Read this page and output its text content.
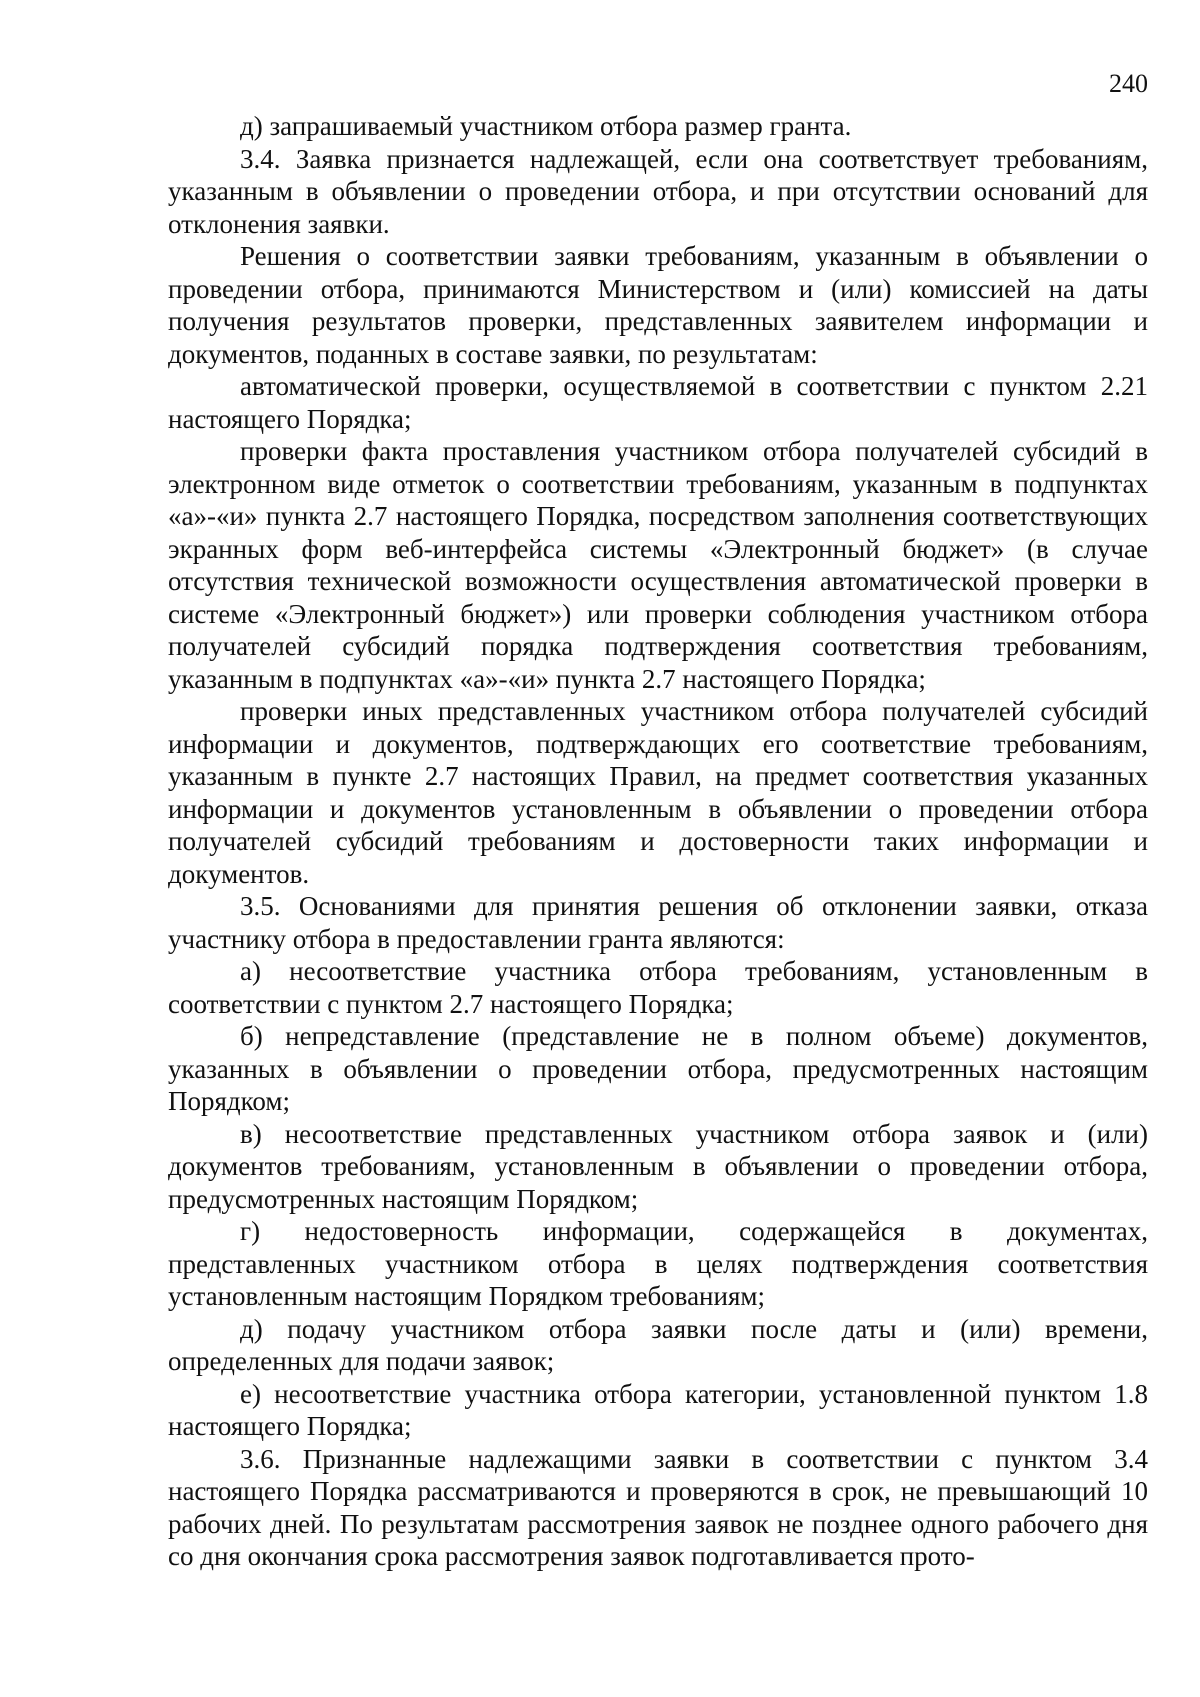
240

д) запрашиваемый участником отбора размер гранта.

3.4. Заявка признается надлежащей, если она соответствует требованиям, указанным в объявлении о проведении отбора, и при отсутствии оснований для отклонения заявки.

Решения о соответствии заявки требованиям, указанным в объявлении о проведении отбора, принимаются Министерством и (или) комиссией на даты получения результатов проверки, представленных заявителем информации и документов, поданных в составе заявки, по результатам:

автоматической проверки, осуществляемой в соответствии с пунктом 2.21 настоящего Порядка;

проверки факта проставления участником отбора получателей субсидий в электронном виде отметок о соответствии требованиям, указанным в подпунктах «а»-«и» пункта 2.7 настоящего Порядка, посредством заполнения соответствующих экранных форм веб-интерфейса системы «Электронный бюджет» (в случае отсутствия технической возможности осуществления автоматической проверки в системе «Электронный бюджет») или проверки соблюдения участником отбора получателей субсидий порядка подтверждения соответствия требованиям, указанным в подпунктах «а»-«и» пункта 2.7 настоящего Порядка;

проверки иных представленных участником отбора получателей субсидий информации и документов, подтверждающих его соответствие требованиям, указанным в пункте 2.7 настоящих Правил, на предмет соответствия указанных информации и документов установленным в объявлении о проведении отбора получателей субсидий требованиям и достоверности таких информации и документов.

3.5. Основаниями для принятия решения об отклонении заявки, отказа участнику отбора в предоставлении гранта являются:

а) несоответствие участника отбора требованиям, установленным в соответствии с пунктом 2.7 настоящего Порядка;

б) непредставление (представление не в полном объеме) документов, указанных в объявлении о проведении отбора, предусмотренных настоящим Порядком;

в) несоответствие представленных участником отбора заявок и (или) документов требованиям, установленным в объявлении о проведении отбора, предусмотренных настоящим Порядком;

г) недостоверность информации, содержащейся в документах, представленных участником отбора в целях подтверждения соответствия установленным настоящим Порядком требованиям;

д) подачу участником отбора заявки после даты и (или) времени, определенных для подачи заявок;

е) несоответствие участника отбора категории, установленной пунктом 1.8 настоящего Порядка;

3.6. Признанные надлежащими заявки в соответствии с пунктом 3.4 настоящего Порядка рассматриваются и проверяются в срок, не превышающий 10 рабочих дней. По результатам рассмотрения заявок не позднее одного рабочего дня со дня окончания срока рассмотрения заявок подготавливается прото-
